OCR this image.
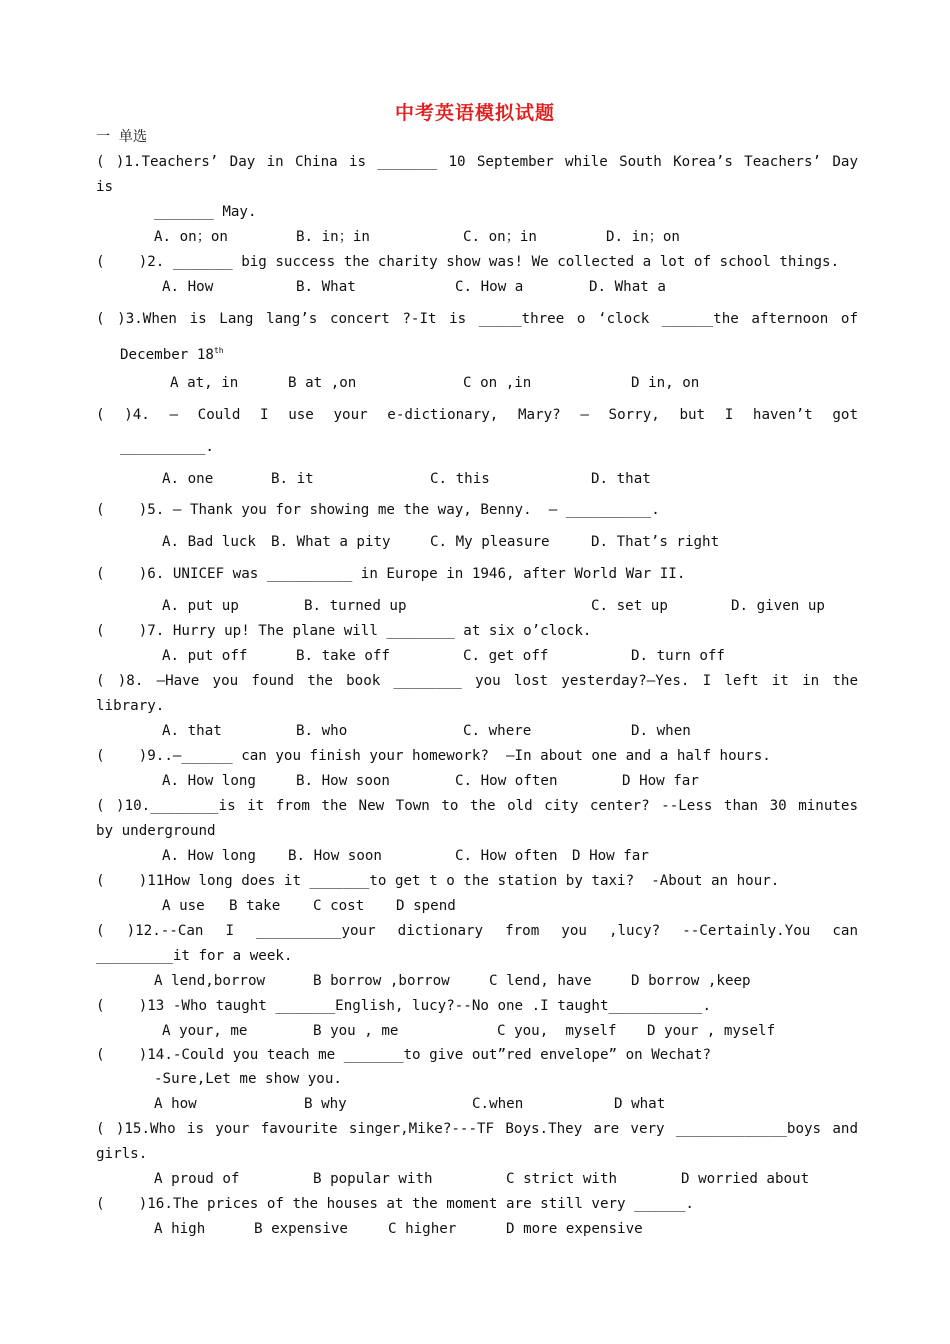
中考英语模拟试题
一 单选
( )1.Teachers’ Day in China is _______ 10 September while South Korea’s Teachers’ Day
is
_______ May.
A. on；on	B. in；in	C. on；in	D. in；on
(    )2. _______ big success the charity show was! We collected a lot of school things.
A. How	B. What	C. How a	D. What a
( )3.When is Lang lang’s concert ?-It is _____three o ‘clock ______the afternoon of
December 18th
A at, in	B at ,on	C on ,in	D in, on
( )4. — Could I use your e-dictionary, Mary? — Sorry, but I haven’t got
__________.
A. one	B. it	C. this	D. that
(    )5. — Thank you for showing me the way, Benny.  — __________.
A. Bad luck B. What a pity	C. My pleasure	D. That’s right
(    )6. UNICEF was __________ in Europe in 1946, after World War II.
A. put up	B. turned up	C. set up	D. given up
(    )7. Hurry up! The plane will ________ at six o’clock.
A. put off	B. take off	C. get off	D. turn off
( )8. —Have you found the book ________ you lost yesterday?—Yes. I left it in the
library.
A. that	B. who	C. where	D. when
(    )9..—______ can you finish your homework?  —In about one and a half hours.
A. How long	B. How soon	C. How often	D How far
( )10.________is it from the New Town to the old city center? --Less than 30 minutes
by underground
A. How long B. How soon	C. How often D How far
(    )11How long does it _______to get t o the station by taxi?  -About an hour.
A use B take C cost D spend
( )12.--Can I __________your dictionary from you ,lucy? --Certainly.You can
_________it for a week.
A lend,borrow	B borrow ,borrow	C lend, have	D borrow ,keep
(    )13 -Who taught _______English, lucy?--No one .I taught___________.
A your, me	B you , me	C you,  myself D your , myself
(    )14.-Could you teach me _______to give out”red envelope” on Wechat?
-Sure,Let me show you.
A how	B why	C.when	D what
( )15.Who is your favourite singer,Mike?---TF Boys.They are very _____________boys and
girls.
A proud of	B popular with	C strict with	D worried about
(    )16.The prices of the houses at the moment are still very ______.
A high	B expensive	C higher	D more expensive
